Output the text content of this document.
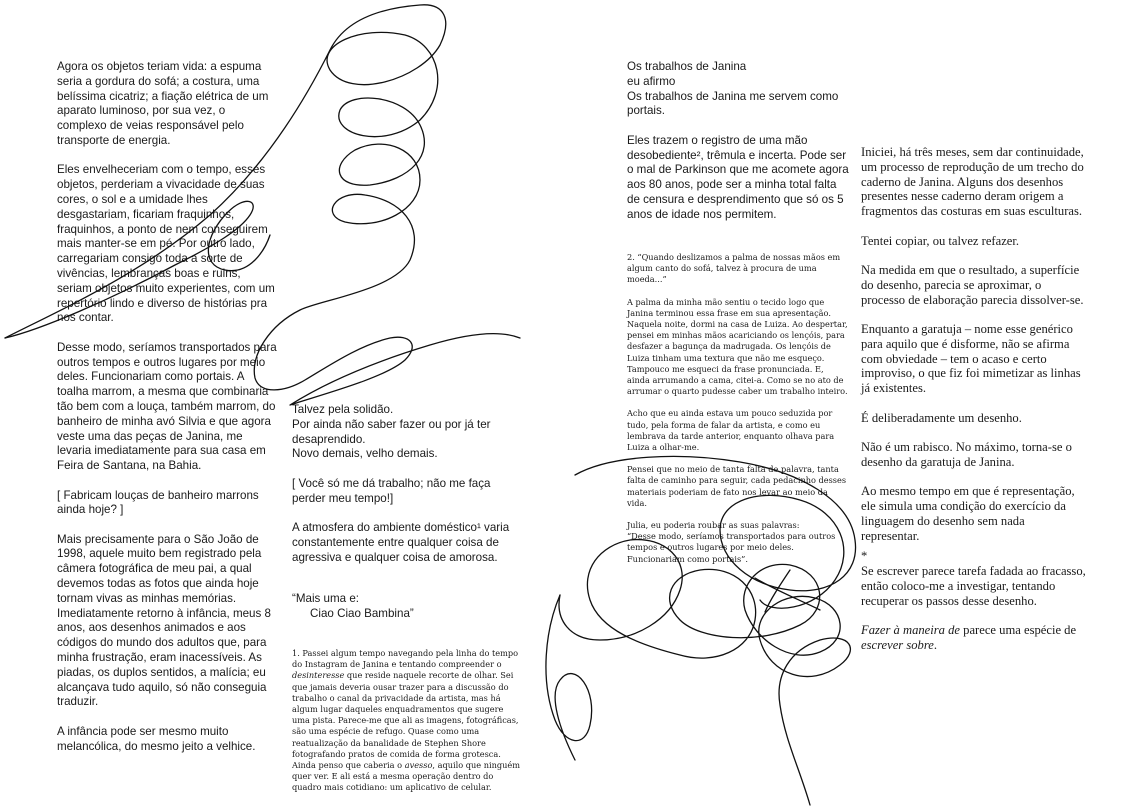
Agora os objetos teriam vida: a espuma seria a gordura do sofá; a costura, uma belíssima cicatriz; a fiação elétrica de um aparato luminoso, por sua vez, o complexo de veias responsável pelo transporte de energia.

Eles envelheceriam com o tempo, esses objetos, perderiam a vivacidade de suas cores, o sol e a umidade lhes desgastariam, ficariam fraquinhos, fraquinhos, a ponto de nem conseguirem mais manter-se em pé. Por outro lado, carregariam consigo toda a sorte de vivências, lembranças boas e ruins, seriam objetos muito experientes, com um repertório lindo e diverso de histórias pra nos contar.

Desse modo, seríamos transportados para outros tempos e outros lugares por meio deles. Funcionariam como portais. A toalha marrom, a mesma que combinaria tão bem com a louça, também marrom, do banheiro de minha avó Silvia e que agora veste uma das peças de Janina, me levaria imediatamente para sua casa em Feira de Santana, na Bahia.

[ Fabricam louças de banheiro marrons ainda hoje? ]

Mais precisamente para o São João de 1998, aquele muito bem registrado pela câmera fotográfica de meu pai, a qual devemos todas as fotos que ainda hoje tornam vivas as minhas memórias. Imediatamente retorno à infância, meus 8 anos, aos desenhos animados e aos códigos do mundo dos adultos que, para minha frustração, eram inacessíveis. As piadas, os duplos sentidos, a malícia; eu alcançava tudo aquilo, só não conseguia traduzir.

A infância pode ser mesmo muito melancólica, do mesmo jeito a velhice.

Talvez pela solidão.

Por ainda não saber fazer ou por já ter desaprendido.

Novo demais, velho demais.

[ Você só me dá trabalho; não me faça perder meu tempo!]

A atmosfera do ambiente doméstico¹ varia constantemente entre qualquer coisa de agressiva e qualquer coisa de amorosa.

“Mais uma e:

Ciao Ciao Bambina”

1. Passei algum tempo navegando pela linha do tempo do Instagram de Janina e tentando compreender o desinteresse que reside naquele recorte de olhar. Sei que jamais deveria ousar trazer para a discussão do trabalho o canal da privacidade da artista, mas há algum lugar daqueles enquadramentos que sugere uma pista. Parece-me que ali as imagens, fotográficas, são uma espécie de refugo. Quase como uma reatualização da banalidade de Stephen Shore fotografando pratos de comida de forma grotesca. Ainda penso que caberia o avesso, aquilo que ninguém quer ver. E ali está a mesma operação dentro do quadro mais cotidiano: um aplicativo de celular.

Os trabalhos de Janina

eu afirmo

Os trabalhos de Janina me servem como portais.

Eles trazem o registro de uma mão desobediente², trêmula e incerta. Pode ser o mal de Parkinson que me acomete agora aos 80 anos, pode ser a minha total falta de censura e desprendimento que só os 5 anos de idade nos permitem.

2. “Quando deslizamos a palma de nossas mãos em algum canto do sofá, talvez à procura de uma moeda...”

A palma da minha mão sentiu o tecido logo que Janina terminou essa frase em sua apresentação. Naquela noite, dormi na casa de Luiza. Ao despertar, pensei em minhas mãos acariciando os lençóis, para desfazer a bagunça da madrugada. Os lençóis de Luiza tinham uma textura que não me esqueço. Tampouco me esqueci da frase pronunciada. E, ainda arrumando a cama, citei-a. Como se no ato de arrumar o quarto pudesse caber um trabalho inteiro.

Acho que eu ainda estava um pouco seduzida por tudo, pela forma de falar da artista, e como eu lembrava da tarde anterior, enquanto olhava para Luiza a olhar-me.

Pensei que no meio de tanta falta de palavra, tanta falta de caminho para seguir, cada pedacinho desses materiais poderiam de fato nos levar ao meio da vida.

Julia, eu poderia roubar as suas palavras:

“Desse modo, seríamos transportados para outros tempos e outros lugares por meio deles. Funcionariam como portais”.

Iniciei, há três meses, sem dar continuidade, um processo de reprodução de um trecho do caderno de Janina. Alguns dos desenhos presentes nesse caderno deram origem a fragmentos das costuras em suas esculturas.

Tentei copiar, ou talvez refazer.

Na medida em que o resultado, a superfície do desenho, parecia se aproximar, o processo de elaboração parecia dissolver-se.

Enquanto a garatuja – nome esse genérico para aquilo que é disforme, não se afirma com obviedade – tem o acaso e certo improviso, o que fiz foi mimetizar as linhas já existentes.

É deliberadamente um desenho.

Não é um rabisco. No máximo, torna-se o desenho da garatuja de Janina.

Ao mesmo tempo em que é representação, ele simula uma condição do exercício da linguagem do desenho sem nada representar.

*

Se escrever parece tarefa fadada ao fracasso, então coloco-me a investigar, tentando recuperar os passos desse desenho.

Fazer à maneira de parece uma espécie de escrever sobre.
